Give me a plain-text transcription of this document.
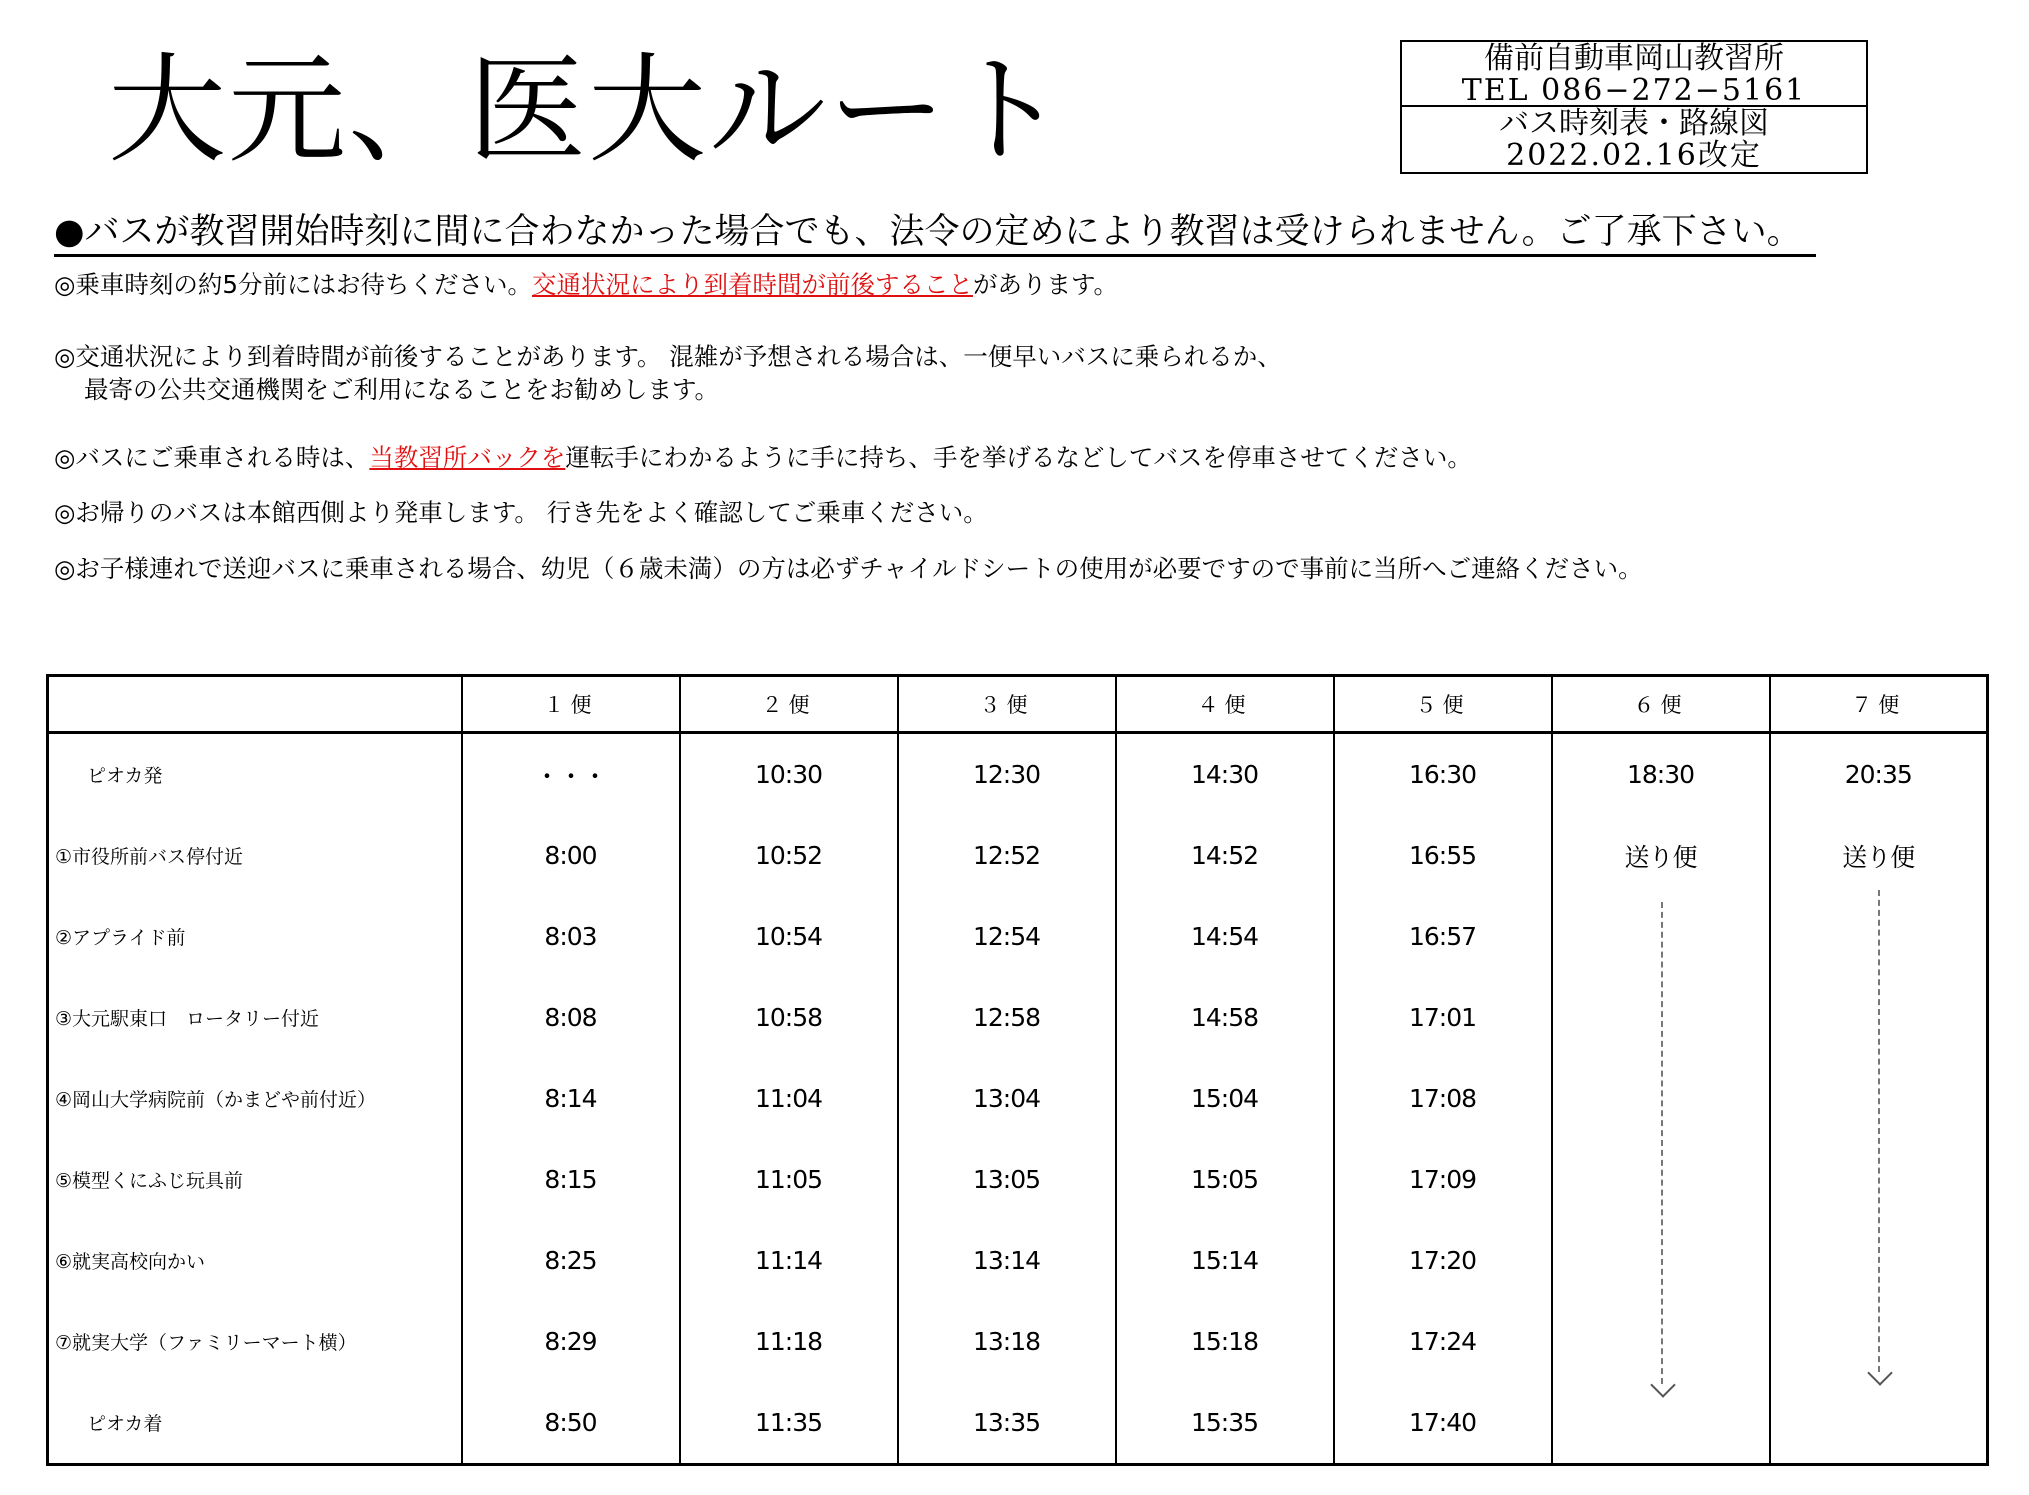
大元、医大ルート	備前自動車岡山教習所
TEL 086−272−5161
バス時刻表・路線図
2022.02.16改定
●バスが教習開始時刻に間に合わなかった場合でも、法令の定めにより教習は受けられません。ご了承下さい。
◎乗車時刻の約5分前にはお待ちください。交通状況により到着時間が前後することがあります。
◎交通状況により到着時間が前後することがあります。 混雑が予想される場合は、一便早いバスに乗られるか、
最寄の公共交通機関をご利用になることをお勧めします。
◎バスにご乗車される時は、当教習所バックを運転手にわかるように手に持ち、手を挙げるなどしてバスを停車させてください。
◎お帰りのバスは本館西側より発車します。 行き先をよく確認してご乗車ください。
◎お子様連れで送迎バスに乗車される場合、幼児（６歳未満）の方は必ずチャイルドシートの使用が必要ですので事前に当所へご連絡ください。
	１便	２便	３便	４便	５便	６便	７便
ピオカ発	・・・	10:30	12:30	14:30	16:30	18:30	20:35
①市役所前バス停付近	8:00	10:52	12:52	14:52	16:55	送り便	送り便
②アプライド前	8:03	10:54	12:54	14:54	16:57	

③大元駅東口　ロータリー付近	8:08	10:58	12:58	14:58	17:01		
④岡山大学病院前（かまどや前付近）	8:14	11:04	13:04	15:04	17:08		
⑤模型くにふじ玩具前	8:15	11:05	13:05	15:05	17:09		
⑥就実高校向かい	8:25	11:14	13:14	15:14	17:20		
⑦就実大学（ファミリーマート横）	8:29	11:18	13:18	15:18	17:24		
ピオカ着	8:50	11:35	13:35	15:35	17:40		
